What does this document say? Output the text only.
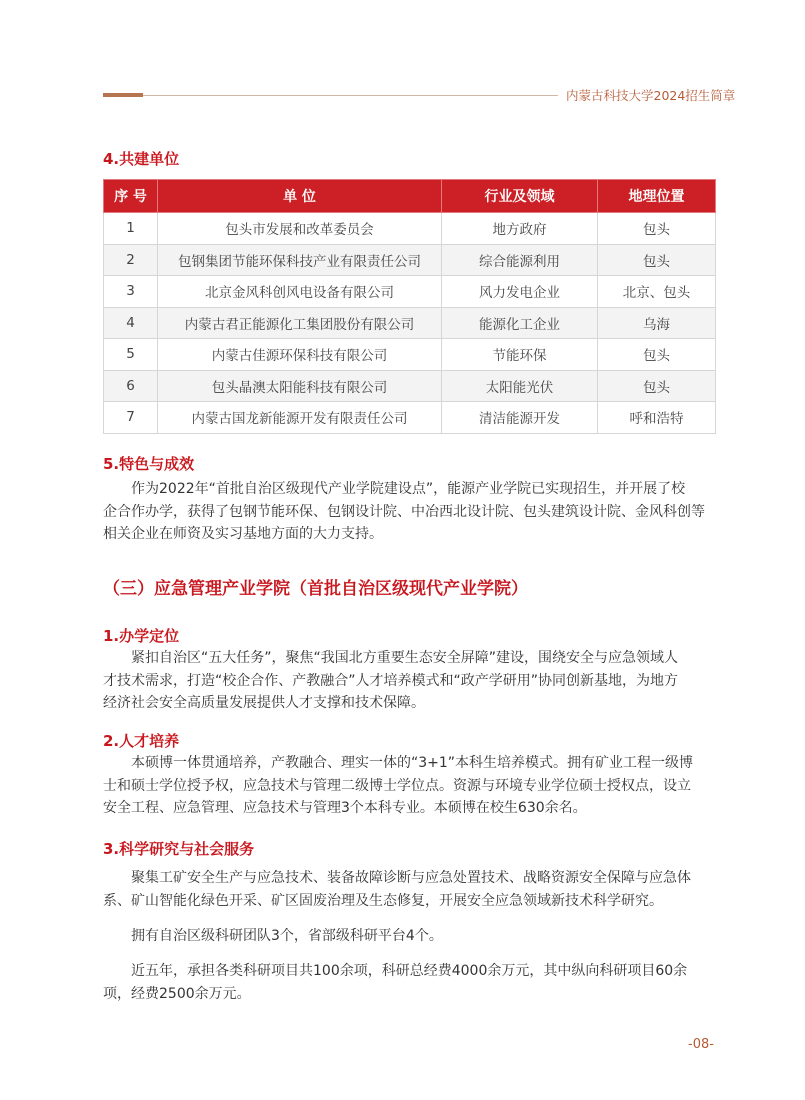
内蒙古科技大学2024招生简章
4.共建单位
序 号	单 位	行业及领域	地理位置
1	包头市发展和改革委员会	地方政府	包头
2	包钢集团节能环保科技产业有限责任公司	综合能源利用	包头
3	北京金风科创风电设备有限公司	风力发电企业	北京、包头
4	内蒙古君正能源化工集团股份有限公司	能源化工企业	乌海
5	内蒙古佳源环保科技有限公司	节能环保	包头
6	包头晶澳太阳能科技有限公司	太阳能光伏	包头
7	内蒙古国龙新能源开发有限责任公司	清洁能源开发	呼和浩特
5.特色与成效
作为2022年“首批自治区级现代产业学院建设点”，能源产业学院已实现招生，并开展了校
企合作办学，获得了包钢节能环保、包钢设计院、中冶西北设计院、包头建筑设计院、金风科创等
相关企业在师资及实习基地方面的大力支持。
（三）应急管理产业学院（首批自治区级现代产业学院）
1.办学定位
紧扣自治区“五大任务”，聚焦“我国北方重要生态安全屏障”建设，围绕安全与应急领域人
才技术需求，打造“校企合作、产教融合”人才培养模式和“政产学研用”协同创新基地，为地方
经济社会安全高质量发展提供人才支撑和技术保障。
2.人才培养
本硕博一体贯通培养，产教融合、理实一体的“3+1”本科生培养模式。拥有矿业工程一级博
士和硕士学位授予权，应急技术与管理二级博士学位点。资源与环境专业学位硕士授权点，设立
安全工程、应急管理、应急技术与管理3个本科专业。本硕博在校生630余名。
3.科学研究与社会服务
聚集工矿安全生产与应急技术、装备故障诊断与应急处置技术、战略资源安全保障与应急体
系、矿山智能化绿色开采、矿区固废治理及生态修复，开展安全应急领域新技术科学研究。
拥有自治区级科研团队3个，省部级科研平台4个。
近五年，承担各类科研项目共100余项，科研总经费4000余万元，其中纵向科研项目60余
项，经费2500余万元。
-08-
